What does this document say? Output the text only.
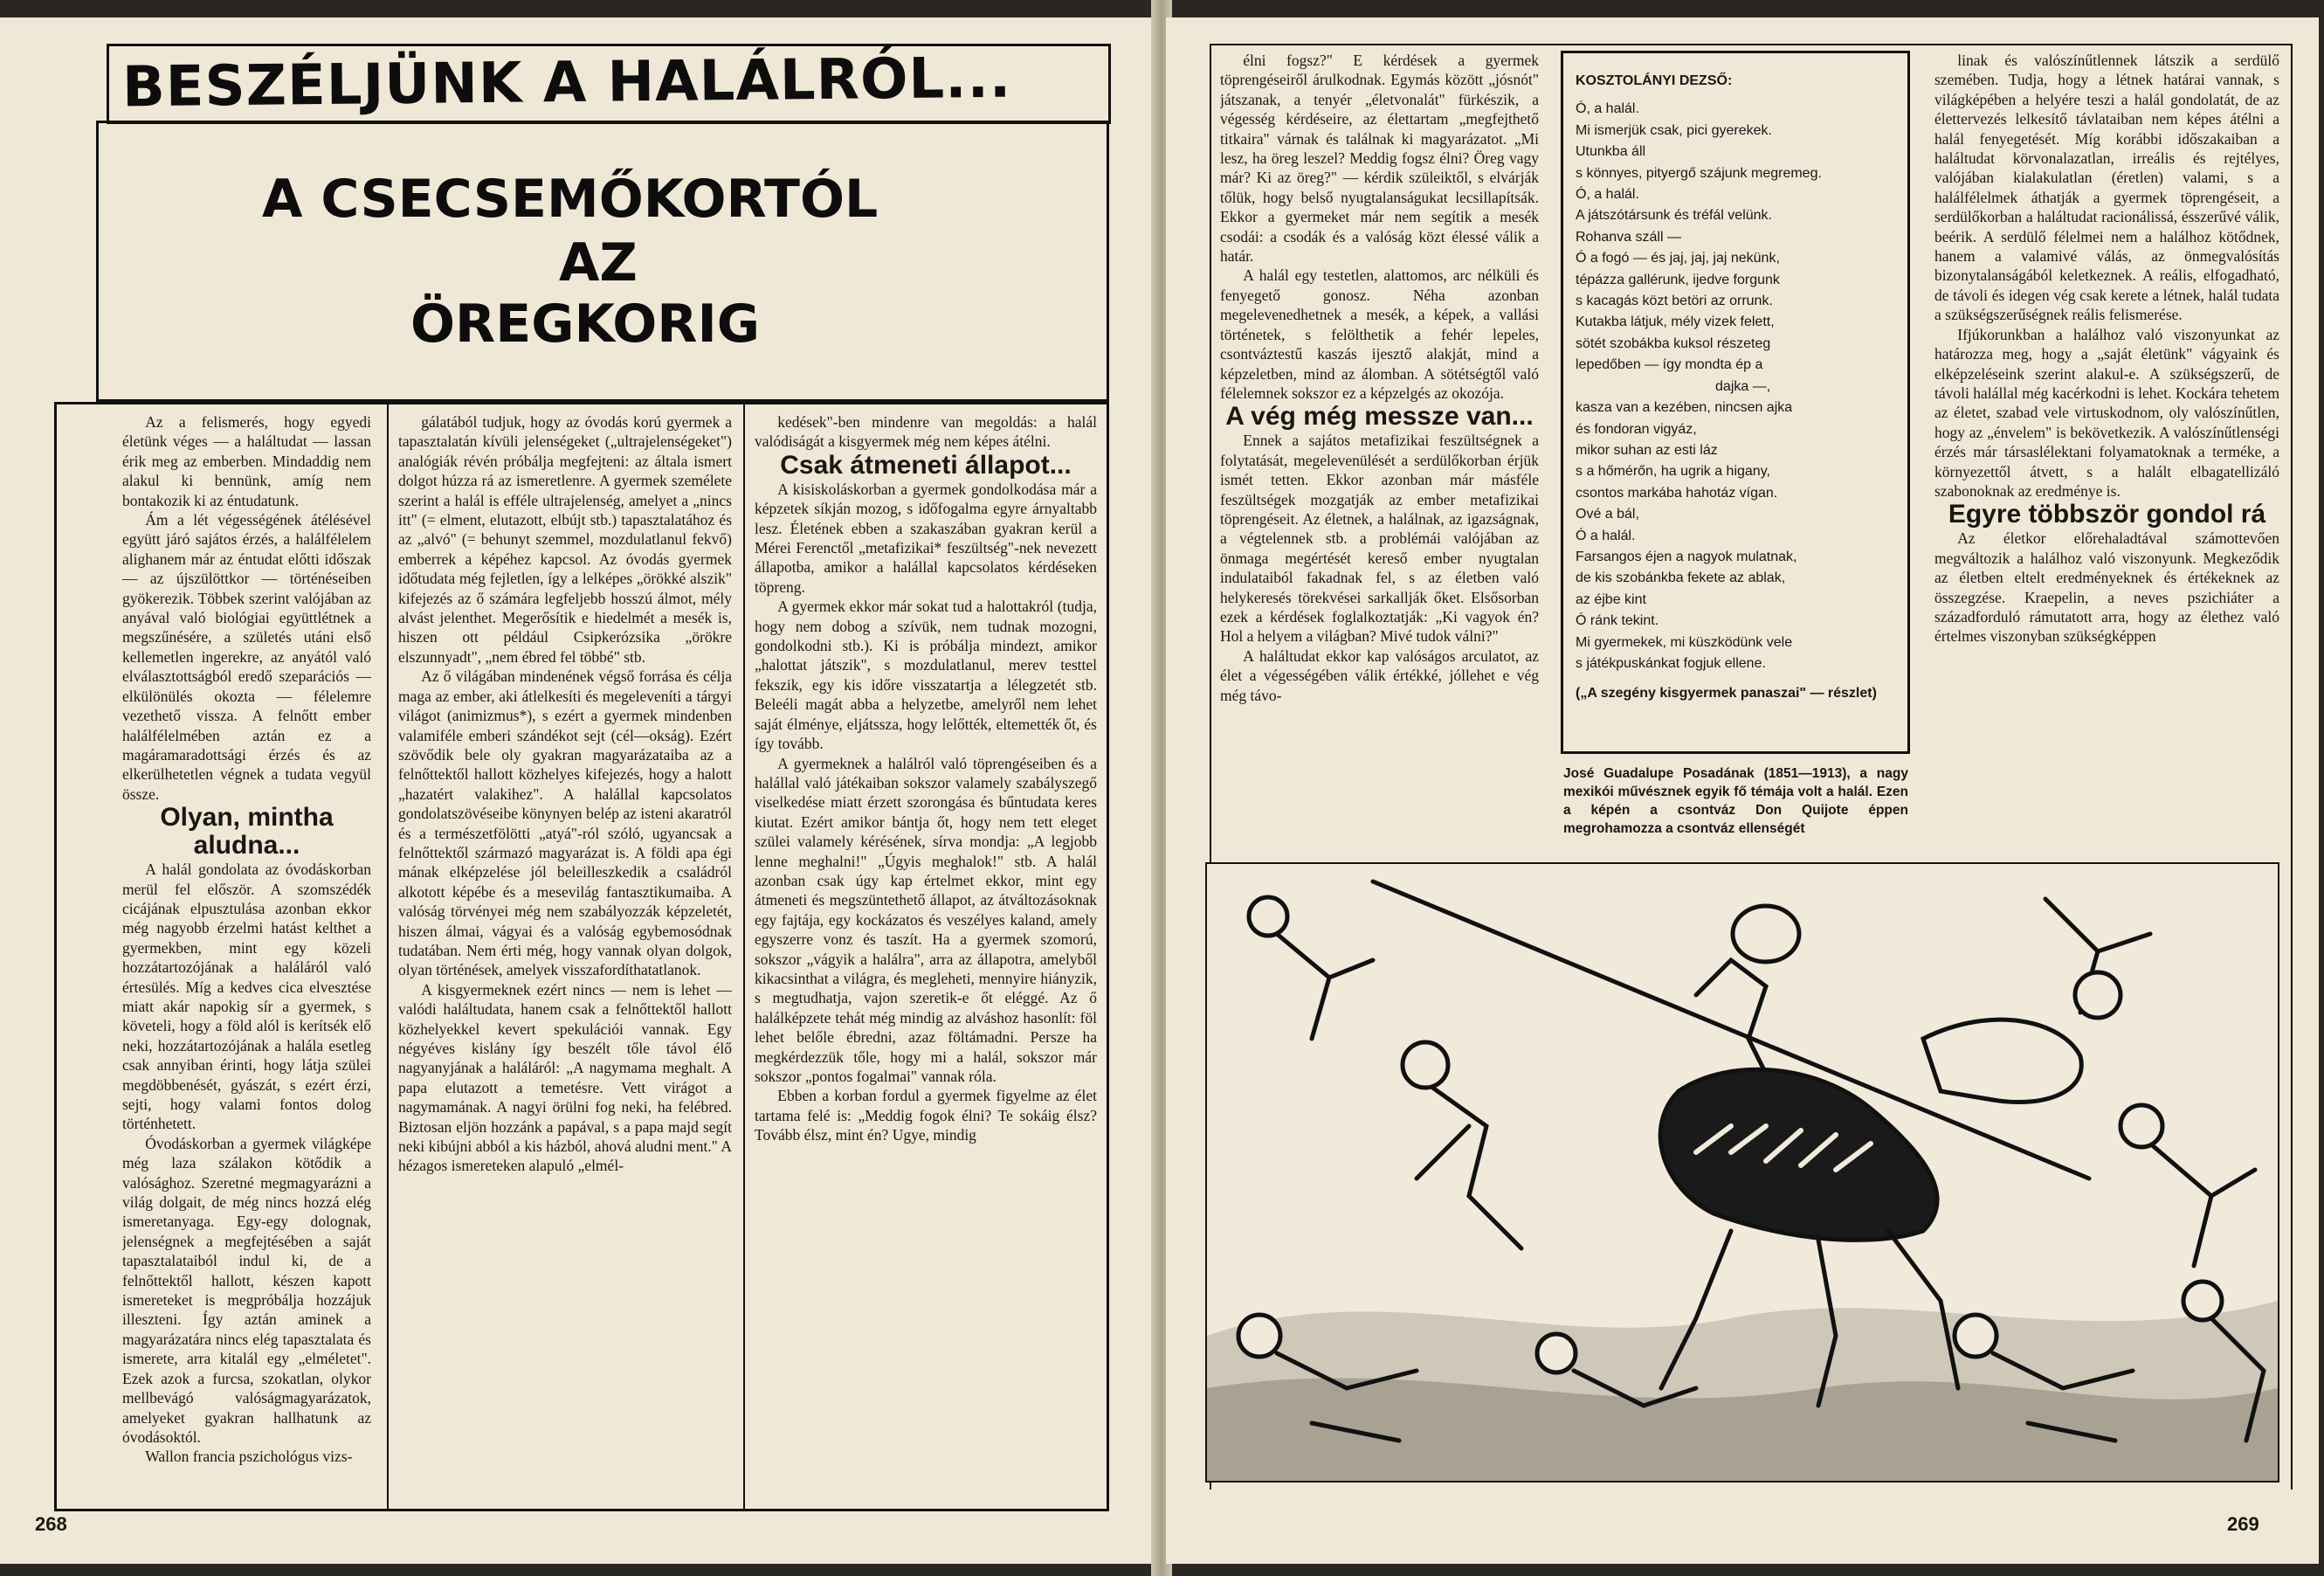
BESZÉLJÜNK A HALÁLRÓL...
A CSECSEMŐKORTÓL
AZ
ÖREGKORIG

Az a felismerés, hogy egyedi életünk véges — a haláltudat — lassan érik meg az emberben. Mindaddig nem alakul ki bennünk, amíg nem bontakozik ki az éntudatunk.

Ám a lét végességének átélésével együtt járó sajátos érzés, a halálfélelem alighanem már az éntudat előtti időszak — az újszülöttkor — történéseiben gyökerezik. Többek szerint valójában az anyával való biológiai együttlétnek a megszűnésére, a születés utáni első kellemetlen ingerekre, az anyától való elválasztottságból eredő szeparációs — elkülönülés okozta — félelemre vezethető vissza. A felnőtt ember halálfélelmében aztán ez a magáramaradottsági érzés és az elkerülhetetlen végnek a tudata vegyül össze.

Olyan, mintha aludna...

A halál gondolata az óvodáskorban merül fel először. A szomszédék cicájának elpusztulása azonban ekkor még nagyobb érzelmi hatást kelthet a gyermekben, mint egy közeli hozzátartozójának a haláláról való értesülés. Míg a kedves cica elvesztése miatt akár napokig sír a gyermek, s követeli, hogy a föld alól is kerítsék elő neki, hozzátartozójának a halála esetleg csak annyiban érinti, hogy látja szülei megdöbbenését, gyászát, s ezért érzi, sejti, hogy valami fontos dolog történhetett.

Óvodáskorban a gyermek világképe még laza szálakon kötődik a valósághoz. Szeretné megmagyarázni a világ dolgait, de még nincs hozzá elég ismeretanyaga. Egy-egy dolognak, jelenségnek a megfejtésében a saját tapasztalataiból indul ki, de a felnőttektől hallott, készen kapott ismereteket is megpróbálja hozzájuk illeszteni. Így aztán aminek a magyarázatára nincs elég tapasztalata és ismerete, arra kitalál egy „elméletet". Ezek azok a furcsa, szokatlan, olykor mellbevágó valóságmagyarázatok, amelyeket gyakran hallhatunk az óvodásoktól.

Wallon francia pszichológus vizs-

gálatából tudjuk, hogy az óvodás korú gyermek a tapasztalatán kívüli jelenségeket („ultrajelenségeket") analógiák révén próbálja megfejteni: az általa ismert dolgot húzza rá az ismeretlenre. A gyermek személete szerint a halál is efféle ultrajelenség, amelyet a „nincs itt" (= elment, elutazott, elbújt stb.) tapasztalatához és az „alvó" (= behunyt szemmel, mozdulatlanul fekvő) emberrek a képéhez kapcsol. Az óvodás gyermek időtudata még fejletlen, így a lelképes „örökké alszik" kifejezés az ő számára legfeljebb hosszú álmot, mély alvást jelenthet. Megerősítik e hiedelmét a mesék is, hiszen ott például Csipkerózsika „örökre elszunnyadt", „nem ébred fel többé" stb.

Az ő világában mindenének végső forrása és célja maga az ember, aki átlelkesíti és megeleveníti a tárgyi világot (animizmus*), s ezért a gyermek mindenben valamiféle emberi szándékot sejt (cél—okság). Ezért szövődik bele oly gyakran magyarázataiba az a felnőttektől hallott közhelyes kifejezés, hogy a halott „hazatért valakihez". A halállal kapcsolatos gondolatszövéseibe könynyen belép az isteni akaratról és a természetfölötti „atyá"-ról szóló, ugyancsak a felnőttektől származó magyarázat is. A földi apa égi mának elképzelése jól beleilleszkedik a családról alkotott képébe és a mesevilág fantasztikumaiba. A valóság törvényei még nem szabályozzák képzeletét, hiszen álmai, vágyai és a valóság egybemosódnak tudatában. Nem érti még, hogy vannak olyan dolgok, olyan történések, amelyek visszafordíthatatlanok.

A kisgyermeknek ezért nincs — nem is lehet — valódi haláltudata, hanem csak a felnőttektől hallott közhelyekkel kevert spekulációi vannak. Egy négyéves kislány így beszélt tőle távol élő nagyanyjának a haláláról: „A nagymama meghalt. A papa elutazott a temetésre. Vett virágot a nagymamának. A nagyi örülni fog neki, ha felébred. Biztosan eljön hozzánk a papával, s a papa majd segít neki kibújni abból a kis házból, ahová aludni ment." A hézagos ismereteken alapuló „elmél-

kedések"-ben mindenre van megoldás: a halál valódiságát a kisgyermek még nem képes átélni.

Csak átmeneti állapot...

A kisiskoláskorban a gyermek gondolkodása már a képzetek síkján mozog, s időfogalma egyre árnyaltabb lesz. Életének ebben a szakaszában gyakran kerül a Mérei Ferenctől „metafizikai* feszültség"-nek nevezett állapotba, amikor a halállal kapcsolatos kérdéseken töpreng.

A gyermek ekkor már sokat tud a halottakról (tudja, hogy nem dobog a szívük, nem tudnak mozogni, gondolkodni stb.). Ki is próbálja mindezt, amikor „halottat játszik", s mozdulatlanul, merev testtel fekszik, egy kis időre visszatartja a lélegzetét stb. Beleéli magát abba a helyzetbe, amelyről nem lehet saját élménye, eljátssza, hogy lelőtték, eltemették őt, és így tovább.

A gyermeknek a halálról való töprengéseiben és a halállal való játékaiban sokszor valamely szabályszegő viselkedése miatt érzett szorongása és bűntudata keres kiutat. Ezért amikor bántja őt, hogy nem tett eleget szülei valamely kérésének, sírva mondja: „A legjobb lenne meghalni!" „Úgyis meghalok!" stb. A halál azonban csak úgy kap értelmet ekkor, mint egy átmeneti és megszüntethető állapot, az átváltozásoknak egy fajtája, egy kockázatos és veszélyes kaland, amely egyszerre vonz és taszít. Ha a gyermek szomorú, sokszor „vágyik a halálra", arra az állapotra, amelyből kikacsinthat a világra, és megleheti, mennyire hiányzik, s megtudhatja, vajon szeretik-e őt eléggé. Az ő halálképzete tehát még mindig az alváshoz hasonlít: föl lehet belőle ébredni, azaz föltámadni. Persze ha megkérdezzük tőle, hogy mi a halál, sokszor már sokszor „pontos fogalmai" vannak róla.

Ebben a korban fordul a gyermek figyelme az élet tartama felé is: „Meddig fogok élni? Te sokáig élsz? Tovább élsz, mint én? Ugye, mindig

268

élni fogsz?" E kérdések a gyermek töprengéseiről árulkodnak. Egymás között „jósnót" játszanak, a tenyér „életvonalát" fürkészik, a végesség kérdéseire, az élettartam „megfejthető titkaira" várnak és találnak ki magyarázatot. „Mi lesz, ha öreg leszel? Meddig fogsz élni? Öreg vagy már? Ki az öreg?" — kérdik szüleiktől, s elvárják tőlük, hogy belső nyugtalanságukat lecsillapítsák. Ekkor a gyermeket már nem segítik a mesék csodái: a csodák és a valóság közt élessé válik a határ.

A halál egy testetlen, alattomos, arc nélküli és fenyegető gonosz. Néha azonban megelevenedhetnek a mesék, a képek, a vallási történetek, s felölthetik a fehér lepeles, csontváztestű kaszás ijesztő alakját, mind a képzeletben, mind az álomban. A sötétségtől való félelemnek sokszor ez a képzelgés az okozója.

A vég még messze van...

Ennek a sajátos metafizikai feszültségnek a folytatását, megelevenülését a serdülőkorban érjük ismét tetten. Ekkor azonban már másféle feszültségek mozgatják az ember metafizikai töprengéseit. Az életnek, a halálnak, az igazságnak, a végtelennek stb. a problémái valójában az önmaga megértését kereső ember nyugtalan indulataiból fakadnak fel, s az életben való helykeresés törekvései sarkallják őket. Elsősorban ezek a kérdések foglalkoztatják: „Ki vagyok én? Hol a helyem a világban? Mivé tudok válni?"

A haláltudat ekkor kap valóságos arculatot, az élet a végességében válik értékké, jóllehet e vég még távo-

KOSZTOLÁNYI DEZSŐ:
Ó, a halál.
Mi ismerjük csak, pici gyerekek.
Utunkba áll
s könnyes, pityergő szájunk megremeg.
Ó, a halál.
A játszótársunk és tréfál velünk.
Rohanva száll —
Ó a fogó — és jaj, jaj, jaj nekünk,
tépázza gallérunk, ijedve forgunk
s kacagás közt betöri az orrunk.
Kutakba látjuk, mély vizek felett,
sötét szobákba kuksol részeteg
lepedőben — így mondta ép a
dajka —,
kasza van a kezében, nincsen ajka
és fondoran vigyáz,
mikor suhan az esti láz
s a hőmérőn, ha ugrik a higany,
csontos markába hahotáz vígan.
Ové a bál,
Ó a halál.
Farsangos éjen a nagyok mulatnak,
de kis szobánkba fekete az ablak,
az éjbe kint
Ó ránk tekint.
Mi gyermekek, mi küszködünk vele
s játékpuskánkat fogjuk ellene.
(„A szegény kisgyermek panaszai" — részlet)
José Guadalupe Posadának (1851—1913), a nagy mexikói művésznek egyik fő témája volt a halál. Ezen a képén a csontváz Don Quijote éppen megrohamozza a csontváz ellenségét

linak és valószínűtlennek látszik a serdülő szemében. Tudja, hogy a létnek határai vannak, s világképében a helyére teszi a halál gondolatát, de az élettervezés lelkesítő távlataiban nem képes átélni a halál fenyegetését. Míg korábbi időszakaiban a haláltudat körvonalazatlan, irreális és rejtélyes, valójában kialakulatlan (éretlen) valami, s a halálfélelmek áthatják a gyermek töprengéseit, a serdülőkorban a haláltudat racionálissá, ésszerűvé válik, beérik. A serdülő félelmei nem a halálhoz kötődnek, hanem a valamivé válás, az önmegvalósítás bizonytalanságából keletkeznek. A reális, elfogadható, de távoli és idegen vég csak kerete a létnek, halál tudata a szükségszerűségnek reális felismerése.

Ifjúkorunkban a halálhoz való viszonyunkat az határozza meg, hogy a „saját életünk" vágyaink és elképzeléseink szerint alakul-e. A szükségszerű, de távoli halállal még kacérkodni is lehet. Kockára tehetem az életet, szabad vele virtuskodnom, oly valószínűtlen, hogy az „énvelem" is bekövetkezik. A valószínűtlenségi érzés már társaslélektani folyamatoknak a terméke, a környezettől átvett, s a halált elbagatellizáló szabonoknak az eredménye is.

Egyre többször gondol rá

Az életkor előrehaladtával számottevően megváltozik a halálhoz való viszonyunk. Megkeződik az életben eltelt eredményeknek és értékeknek az összegzése. Kraepelin, a neves pszichiáter a századforduló rámutatott arra, hogy az élethez való értelmes viszonyban szükségképpen

269
